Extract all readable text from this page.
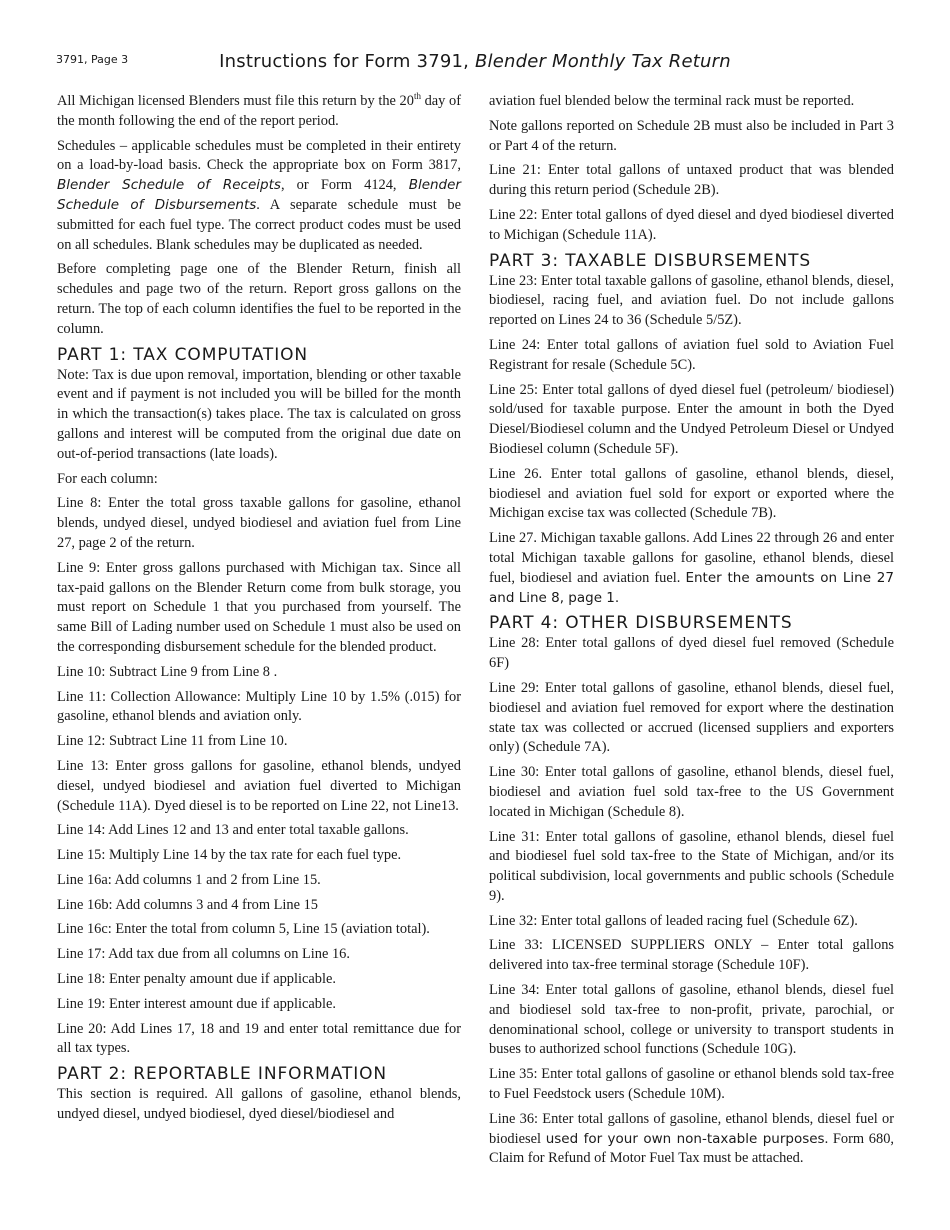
3791, Page 3	Instructions for Form 3791, Blender Monthly Tax Return

All Michigan licensed Blenders must file this return by the 20th day of the month following the end of the report period.

Schedules – applicable schedules must be completed in their entirety on a load-by-load basis. Check the appropriate box on Form 3817, Blender Schedule of Receipts, or Form 4124, Blender Schedule of Disbursements. A separate schedule must be submitted for each fuel type. The correct product codes must be used on all schedules. Blank schedules may be duplicated as needed.

Before completing page one of the Blender Return, finish all schedules and page two of the return. Report gross gallons on the return. The top of each column identifies the fuel to be reported in the column.

PART 1: TAX COMPUTATION

Note: Tax is due upon removal, importation, blending or other taxable event and if payment is not included you will be billed for the month in which the transaction(s) takes place. The tax is calculated on gross gallons and interest will be computed from the original due date on out-of-period transactions (late loads).

For each column:

Line 8: Enter the total gross taxable gallons for gasoline, ethanol blends, undyed diesel, undyed biodiesel and aviation fuel from Line 27, page 2 of the return.

Line 9: Enter gross gallons purchased with Michigan tax. Since all tax-paid gallons on the Blender Return come from bulk storage, you must report on Schedule 1 that you purchased from yourself. The same Bill of Lading number used on Schedule 1 must also be used on the corresponding disbursement schedule for the blended product.

Line 10: Subtract Line 9 from Line 8 .

Line 11: Collection Allowance: Multiply Line 10 by 1.5% (.015) for gasoline, ethanol blends and aviation only.

Line 12: Subtract Line 11 from Line 10.

Line 13: Enter gross gallons for gasoline, ethanol blends, undyed diesel, undyed biodiesel and aviation fuel diverted to Michigan (Schedule 11A). Dyed diesel is to be reported on Line 22, not Line13.

Line 14: Add Lines 12 and 13 and enter total taxable gallons.

Line 15: Multiply Line 14 by the tax rate for each fuel type.

Line 16a: Add columns 1 and 2 from Line 15.

Line 16b: Add columns 3 and 4 from Line 15

Line 16c: Enter the total from column 5, Line 15 (aviation total).

Line 17: Add tax due from all columns on Line 16.

Line 18: Enter penalty amount due if applicable.

Line 19: Enter interest amount due if applicable.

Line 20: Add Lines 17, 18 and 19 and enter total remittance due for all tax types.

PART 2: REPORTABLE INFORMATION

This section is required. All gallons of gasoline, ethanol blends, undyed diesel, undyed biodiesel, dyed diesel/biodiesel and

aviation fuel blended below the terminal rack must be reported.

Note gallons reported on Schedule 2B must also be included in Part 3 or Part 4 of the return.

Line 21: Enter total gallons of untaxed product that was blended during this return period (Schedule 2B).

Line 22: Enter total gallons of dyed diesel and dyed biodiesel diverted to Michigan (Schedule 11A).

PART 3: TAXABLE DISBURSEMENTS

Line 23: Enter total taxable gallons of gasoline, ethanol blends, diesel, biodiesel, racing fuel, and aviation fuel. Do not include gallons reported on Lines 24 to 36 (Schedule 5/5Z).

Line 24: Enter total gallons of aviation fuel sold to Aviation Fuel Registrant for resale (Schedule 5C).

Line 25: Enter total gallons of dyed diesel fuel (petroleum/ biodiesel) sold/used for taxable purpose. Enter the amount in both the Dyed Diesel/Biodiesel column and the Undyed Petroleum Diesel or Undyed Biodiesel column (Schedule 5F).

Line 26. Enter total gallons of gasoline, ethanol blends, diesel, biodiesel and aviation fuel sold for export or exported where the Michigan excise tax was collected (Schedule 7B).

Line 27. Michigan taxable gallons. Add Lines 22 through 26 and enter total Michigan taxable gallons for gasoline, ethanol blends, diesel fuel, biodiesel and aviation fuel. Enter the amounts on Line 27 and Line 8, page 1.

PART 4: OTHER DISBURSEMENTS

Line 28: Enter total gallons of dyed diesel fuel removed (Schedule 6F)

Line 29: Enter total gallons of gasoline, ethanol blends, diesel fuel, biodiesel and aviation fuel removed for export where the destination state tax was collected or accrued (licensed suppliers and exporters only) (Schedule 7A).

Line 30: Enter total gallons of gasoline, ethanol blends, diesel fuel, biodiesel and aviation fuel sold tax-free to the US Government located in Michigan (Schedule 8).

Line 31: Enter total gallons of gasoline, ethanol blends, diesel fuel and biodiesel fuel sold tax-free to the State of Michigan, and/or its political subdivision, local governments and public schools (Schedule 9).

Line 32: Enter total gallons of leaded racing fuel (Schedule 6Z).

Line 33: LICENSED SUPPLIERS ONLY – Enter total gallons delivered into tax-free terminal storage (Schedule 10F).

Line 34: Enter total gallons of gasoline, ethanol blends, diesel fuel and biodiesel sold tax-free to non-profit, private, parochial, or denominational school, college or university to transport students in buses to authorized school functions (Schedule 10G).

Line 35: Enter total gallons of gasoline or ethanol blends sold tax-free to Fuel Feedstock users (Schedule 10M).

Line 36: Enter total gallons of gasoline, ethanol blends, diesel fuel or biodiesel used for your own non-taxable purposes. Form 680, Claim for Refund of Motor Fuel Tax must be attached.
